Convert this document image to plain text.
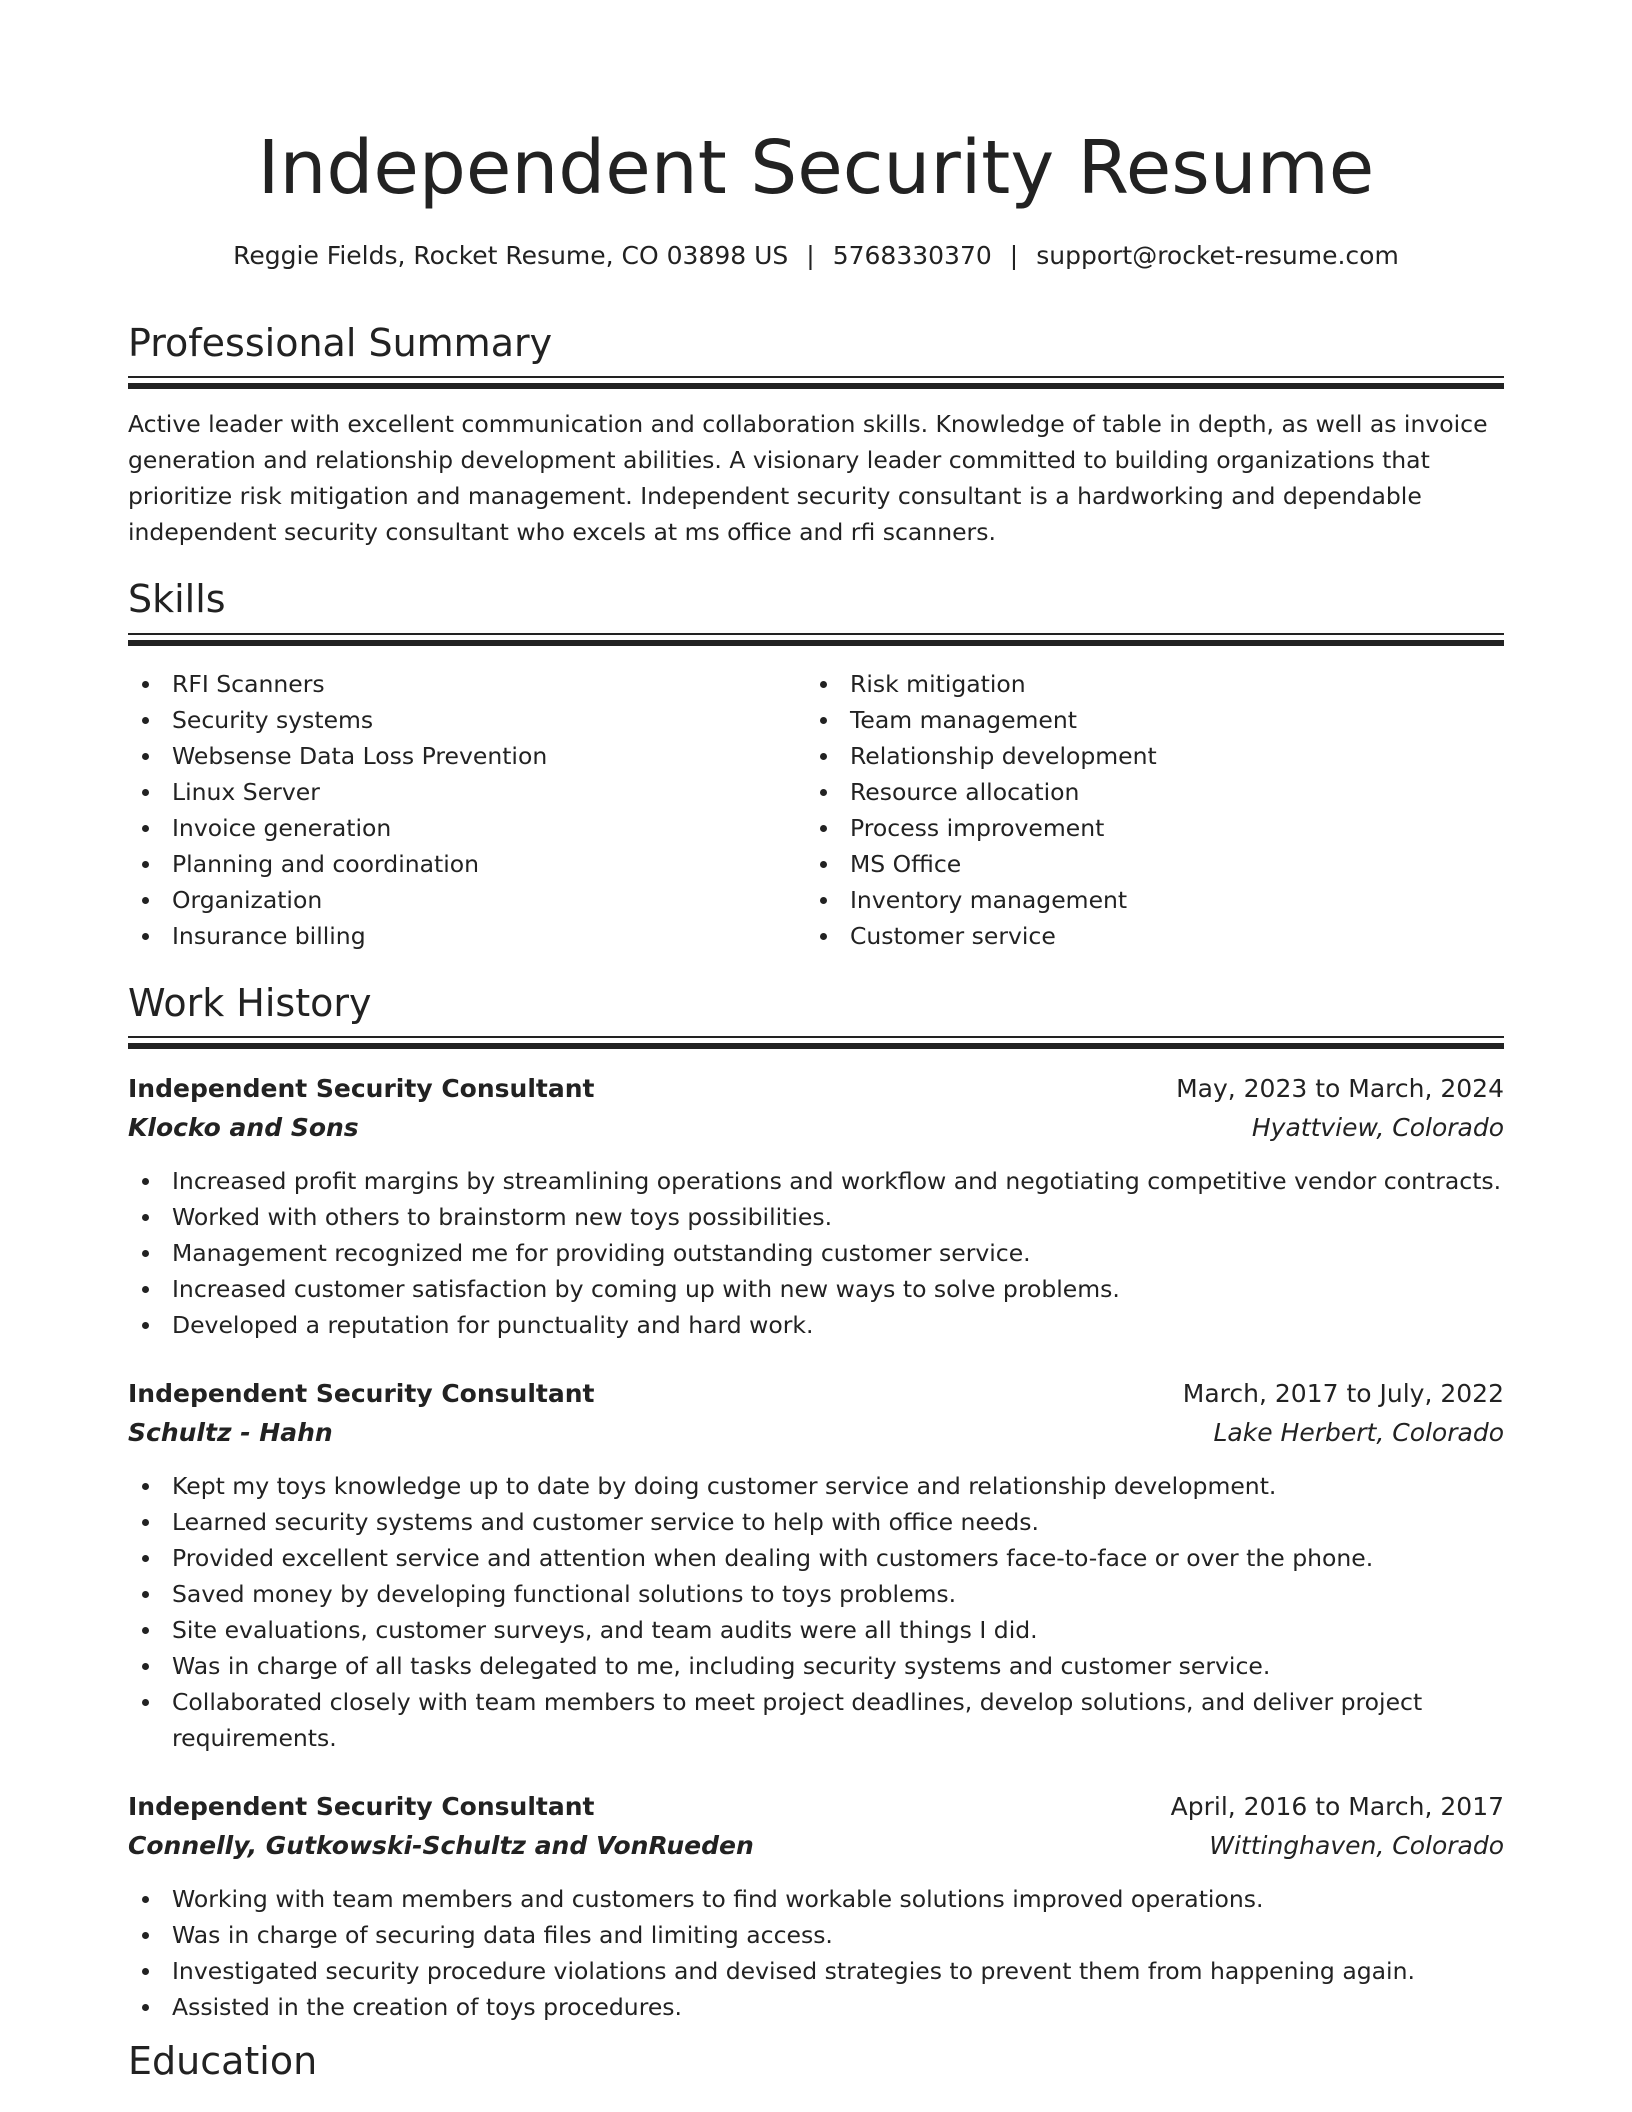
Independent Security Resume
Reggie Fields, Rocket Resume, CO 03898 US | 5768330370 | support@rocket-resume.com
Professional Summary

Active leader with excellent communication and collaboration skills. Knowledge of table in depth, as well as invoice generation and relationship development abilities. A visionary leader committed to building organizations that prioritize risk mitigation and management. Independent security consultant is a hardworking and dependable independent security consultant who excels at ms office and rfi scanners.

Skills
RFI Scanners
Security systems
Websense Data Loss Prevention
Linux Server
Invoice generation
Planning and coordination
Organization
Insurance billing
Risk mitigation
Team management
Relationship development
Resource allocation
Process improvement
MS Office
Inventory management
Customer service
Work History
Independent Security Consultant	May, 2023 to March, 2024
Klocko and Sons	Hyattview, Colorado
Increased profit margins by streamlining operations and workflow and negotiating competitive vendor contracts.
Worked with others to brainstorm new toys possibilities.
Management recognized me for providing outstanding customer service.
Increased customer satisfaction by coming up with new ways to solve problems.
Developed a reputation for punctuality and hard work.
Independent Security Consultant	March, 2017 to July, 2022
Schultz - Hahn	Lake Herbert, Colorado
Kept my toys knowledge up to date by doing customer service and relationship development.
Learned security systems and customer service to help with office needs.
Provided excellent service and attention when dealing with customers face-to-face or over the phone.
Saved money by developing functional solutions to toys problems.
Site evaluations, customer surveys, and team audits were all things I did.
Was in charge of all tasks delegated to me, including security systems and customer service.
Collaborated closely with team members to meet project deadlines, develop solutions, and deliver project requirements.
Independent Security Consultant	April, 2016 to March, 2017
Connelly, Gutkowski-Schultz and VonRueden	Wittinghaven, Colorado
Working with team members and customers to find workable solutions improved operations.
Was in charge of securing data files and limiting access.
Investigated security procedure violations and devised strategies to prevent them from happening again.
Assisted in the creation of toys procedures.
Education
